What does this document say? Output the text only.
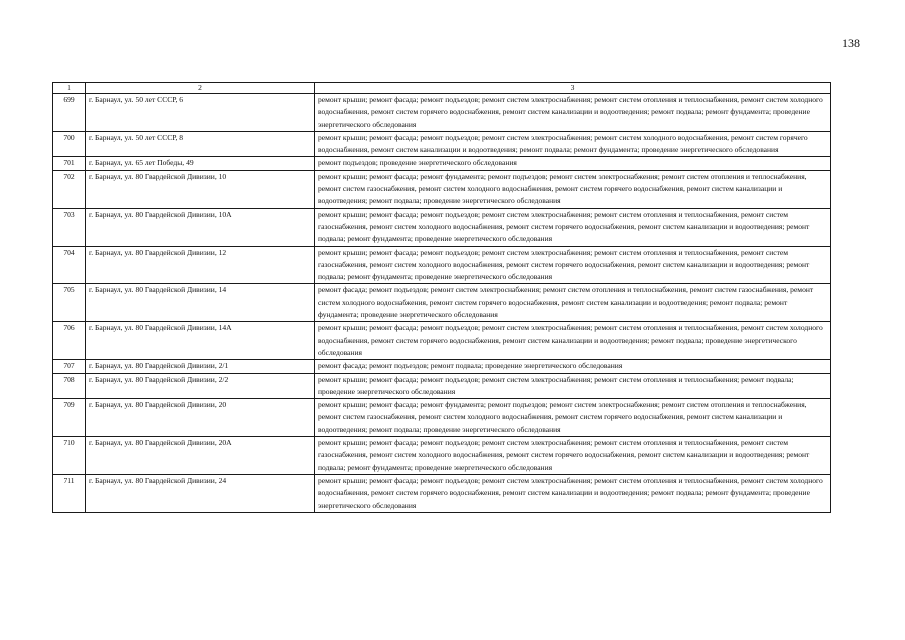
138
1	2	3
699	г. Барнаул, ул. 50 лет СССР, 6	ремонт крыши; ремонт фасада; ремонт подъездов; ремонт систем электроснабжения; ремонт систем отопления и теплоснабжения, ремонт систем холодного водоснабжения, ремонт систем горячего водоснабжения, ремонт систем канализации и водоотведения; ремонт подвала; ремонт фундамента; проведение энергетического обследования
700	г. Барнаул, ул. 50 лет СССР, 8	ремонт крыши; ремонт фасада; ремонт подъездов; ремонт систем электроснабжения; ремонт систем холодного водоснабжения, ремонт систем горячего водоснабжения, ремонт систем канализации и водоотведения; ремонт подвала; ремонт фундамента; проведение энергетического обследования
701	г. Барнаул, ул. 65 лет Победы, 49	ремонт подъездов; проведение энергетического обследования
702	г. Барнаул, ул. 80 Гвардейской Дивизии, 10	ремонт крыши; ремонт фасада; ремонт фундамента; ремонт подъездов; ремонт систем электроснабжения; ремонт систем отопления и теплоснабжения, ремонт систем газоснабжения, ремонт систем холодного водоснабжения, ремонт систем горячего водоснабжения, ремонт систем канализации и водоотведения; ремонт подвала; проведение энергетического обследования
703	г. Барнаул, ул. 80 Гвардейской Дивизии, 10А	ремонт крыши; ремонт фасада; ремонт подъездов; ремонт систем электроснабжения; ремонт систем отопления и теплоснабжения, ремонт систем газоснабжения, ремонт систем холодного водоснабжения, ремонт систем горячего водоснабжения, ремонт систем канализации и водоотведения; ремонт подвала; ремонт фундамента; проведение энергетического обследования
704	г. Барнаул, ул. 80 Гвардейской Дивизии, 12	ремонт крыши; ремонт фасада; ремонт подъездов; ремонт систем электроснабжения; ремонт систем отопления и теплоснабжения, ремонт систем газоснабжения, ремонт систем холодного водоснабжения, ремонт систем горячего водоснабжения, ремонт систем канализации и водоотведения; ремонт подвала; ремонт фундамента; проведение энергетического обследования
705	г. Барнаул, ул. 80 Гвардейской Дивизии, 14	ремонт фасада; ремонт подъездов; ремонт систем электроснабжения; ремонт систем отопления и теплоснабжения, ремонт систем газоснабжения, ремонт систем холодного водоснабжения, ремонт систем горячего водоснабжения, ремонт систем канализации и водоотведения; ремонт подвала; ремонт фундамента; проведение энергетического обследования
706	г. Барнаул, ул. 80 Гвардейской Дивизии, 14А	ремонт крыши; ремонт фасада; ремонт подъездов; ремонт систем электроснабжения; ремонт систем отопления и теплоснабжения, ремонт систем холодного водоснабжения, ремонт систем горячего водоснабжения, ремонт систем канализации и водоотведения; ремонт подвала; проведение энергетического обследования
707	г. Барнаул, ул. 80 Гвардейской Дивизии, 2/1	ремонт фасада; ремонт подъездов; ремонт подвала; проведение энергетического обследования
708	г. Барнаул, ул. 80 Гвардейской Дивизии, 2/2	ремонт крыши; ремонт фасада; ремонт подъездов; ремонт систем электроснабжения; ремонт систем отопления и теплоснабжения; ремонт подвала; проведение энергетического обследования
709	г. Барнаул, ул. 80 Гвардейской Дивизии, 20	ремонт крыши; ремонт фасада; ремонт фундамента; ремонт подъездов; ремонт систем электроснабжения; ремонт систем отопления и теплоснабжения, ремонт систем газоснабжения, ремонт систем холодного водоснабжения, ремонт систем горячего водоснабжения, ремонт систем канализации и водоотведения; ремонт подвала; проведение энергетического обследования
710	г. Барнаул, ул. 80 Гвардейской Дивизии, 20А	ремонт крыши; ремонт фасада; ремонт подъездов; ремонт систем электроснабжения; ремонт систем отопления и теплоснабжения, ремонт систем газоснабжения, ремонт систем холодного водоснабжения, ремонт систем горячего водоснабжения, ремонт систем канализации и водоотведения; ремонт подвала; ремонт фундамента; проведение энергетического обследования
711	г. Барнаул, ул. 80 Гвардейской Дивизии, 24	ремонт крыши; ремонт фасада; ремонт подъездов; ремонт систем электроснабжения; ремонт систем отопления и теплоснабжения, ремонт систем холодного водоснабжения, ремонт систем горячего водоснабжения, ремонт систем канализации и водоотведения; ремонт подвала; ремонт фундамента; проведение энергетического обследования
